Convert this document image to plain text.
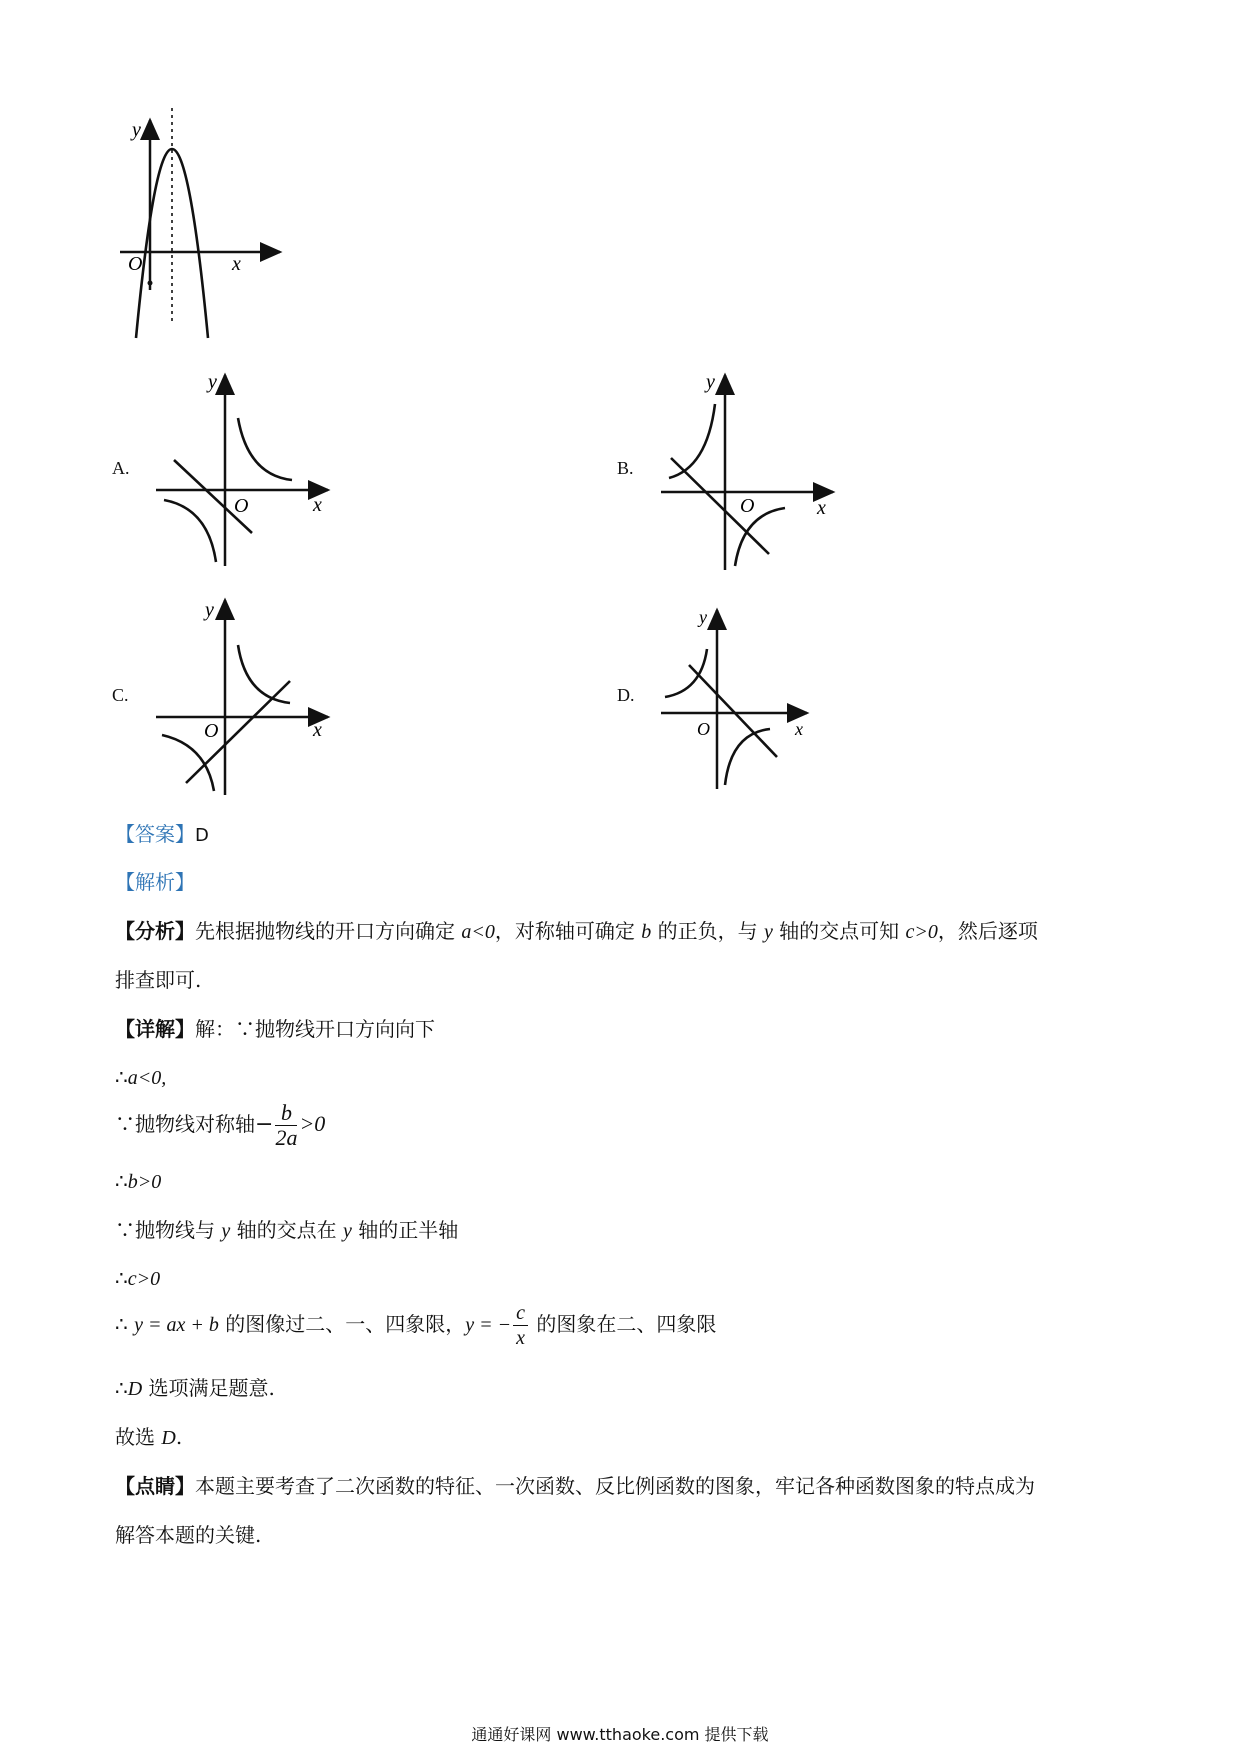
y
x
O
A.
y
x
O
B.
y
x
O
C.
y
x
O
D.
y
x
O
【答案】D
【解析】
【分析】先根据抛物线的开口方向确定 a<0，对称轴可确定 b 的正负，与 y 轴的交点可知 c>0，然后逐项
排查即可.
【详解】解：∵抛物线开口方向向下
∴a<0,
∵抛物线对称轴− $\frac{b}{2a} >0$
∴b>0
∵抛物线与 y 轴的交点在 y 轴的正半轴
∴c>0
∴ y = ax + b 的图像过二、一、四象限，y = − $\frac{c}{x}$ 的图象在二、四象限
∴D 选项满足题意.
故选 D.
【点睛】本题主要考查了二次函数的特征、一次函数、反比例函数的图象，牢记各种函数图象的特点成为
解答本题的关键.
通通好课网 www.tthaoke.com 提供下载
